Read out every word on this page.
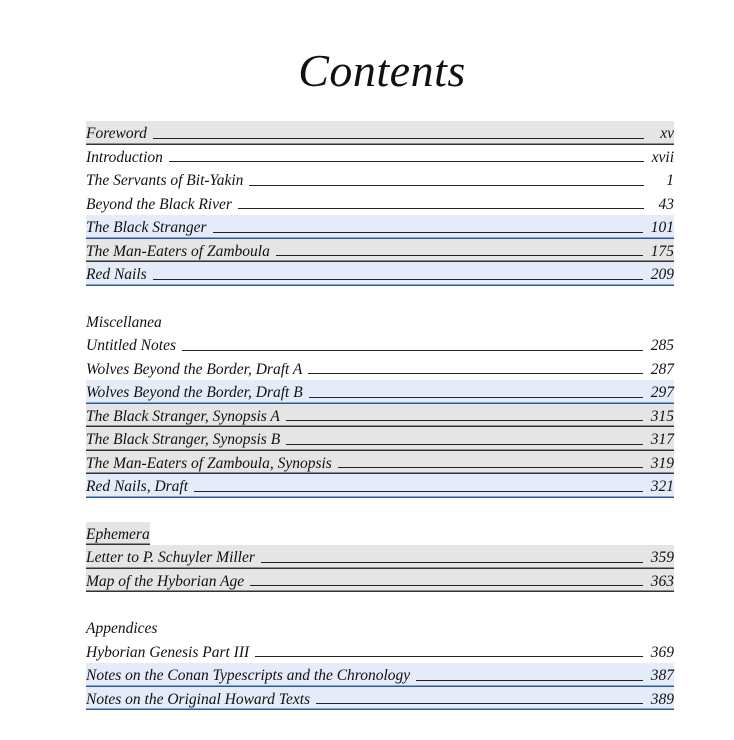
Contents
Foreword	xv
Introduction	xvii
The Servants of Bit-Yakin	1
Beyond the Black River	43
The Black Stranger	101
The Man-Eaters of Zamboula	175
Red Nails	209
Miscellanea
Untitled Notes	285
Wolves Beyond the Border, Draft A	287
Wolves Beyond the Border, Draft B	297
The Black Stranger, Synopsis A	315
The Black Stranger, Synopsis B	317
The Man-Eaters of Zamboula, Synopsis	319
Red Nails, Draft	321
Ephemera
Letter to P. Schuyler Miller	359
Map of the Hyborian Age	363
Appendices
Hyborian Genesis Part III	369
Notes on the Conan Typescripts and the Chronology	387
Notes on the Original Howard Texts	389
